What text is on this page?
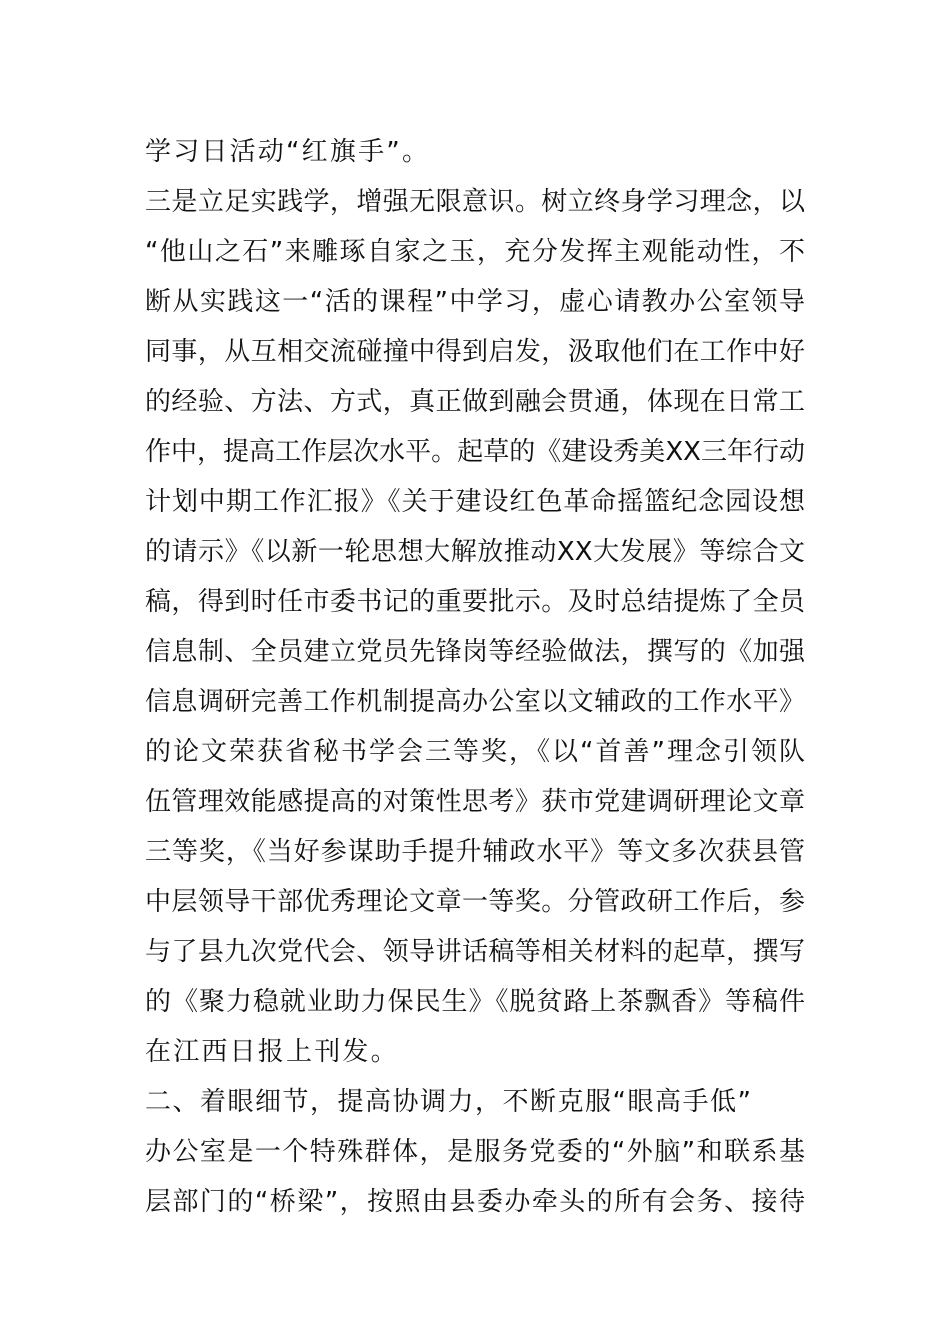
学习日活动“红旗手”。
三是立足实践学，增强无限意识。树立终身学习理念，以
“他山之石”来雕琢自家之玉，充分发挥主观能动性，不
断从实践这一“活的课程”中学习，虚心请教办公室领导
同事，从互相交流碰撞中得到启发，汲取他们在工作中好
的经验、方法、方式，真正做到融会贯通，体现在日常工
作中，提高工作层次水平。起草的《建设秀美XX三年行动
计划中期工作汇报》《关于建设红色革命摇篮纪念园设想
的请示》《以新一轮思想大解放推动XX大发展》等综合文
稿，得到时任市委书记的重要批示。及时总结提炼了全员
信息制、全员建立党员先锋岗等经验做法，撰写的《加强
信息调研完善工作机制提高办公室以文辅政的工作水平》
的论文荣获省秘书学会三等奖，《以“首善”理念引领队
伍管理效能感提高的对策性思考》获市党建调研理论文章
三等奖，《当好参谋助手提升辅政水平》等文多次获县管
中层领导干部优秀理论文章一等奖。分管政研工作后，参
与了县九次党代会、领导讲话稿等相关材料的起草，撰写
的《聚力稳就业助力保民生》《脱贫路上茶飘香》等稿件
在江西日报上刊发。
二、着眼细节，提高协调力，不断克服“眼高手低”
办公室是一个特殊群体，是服务党委的“外脑”和联系基
层部门的“桥梁”，按照由县委办牵头的所有会务、接待
